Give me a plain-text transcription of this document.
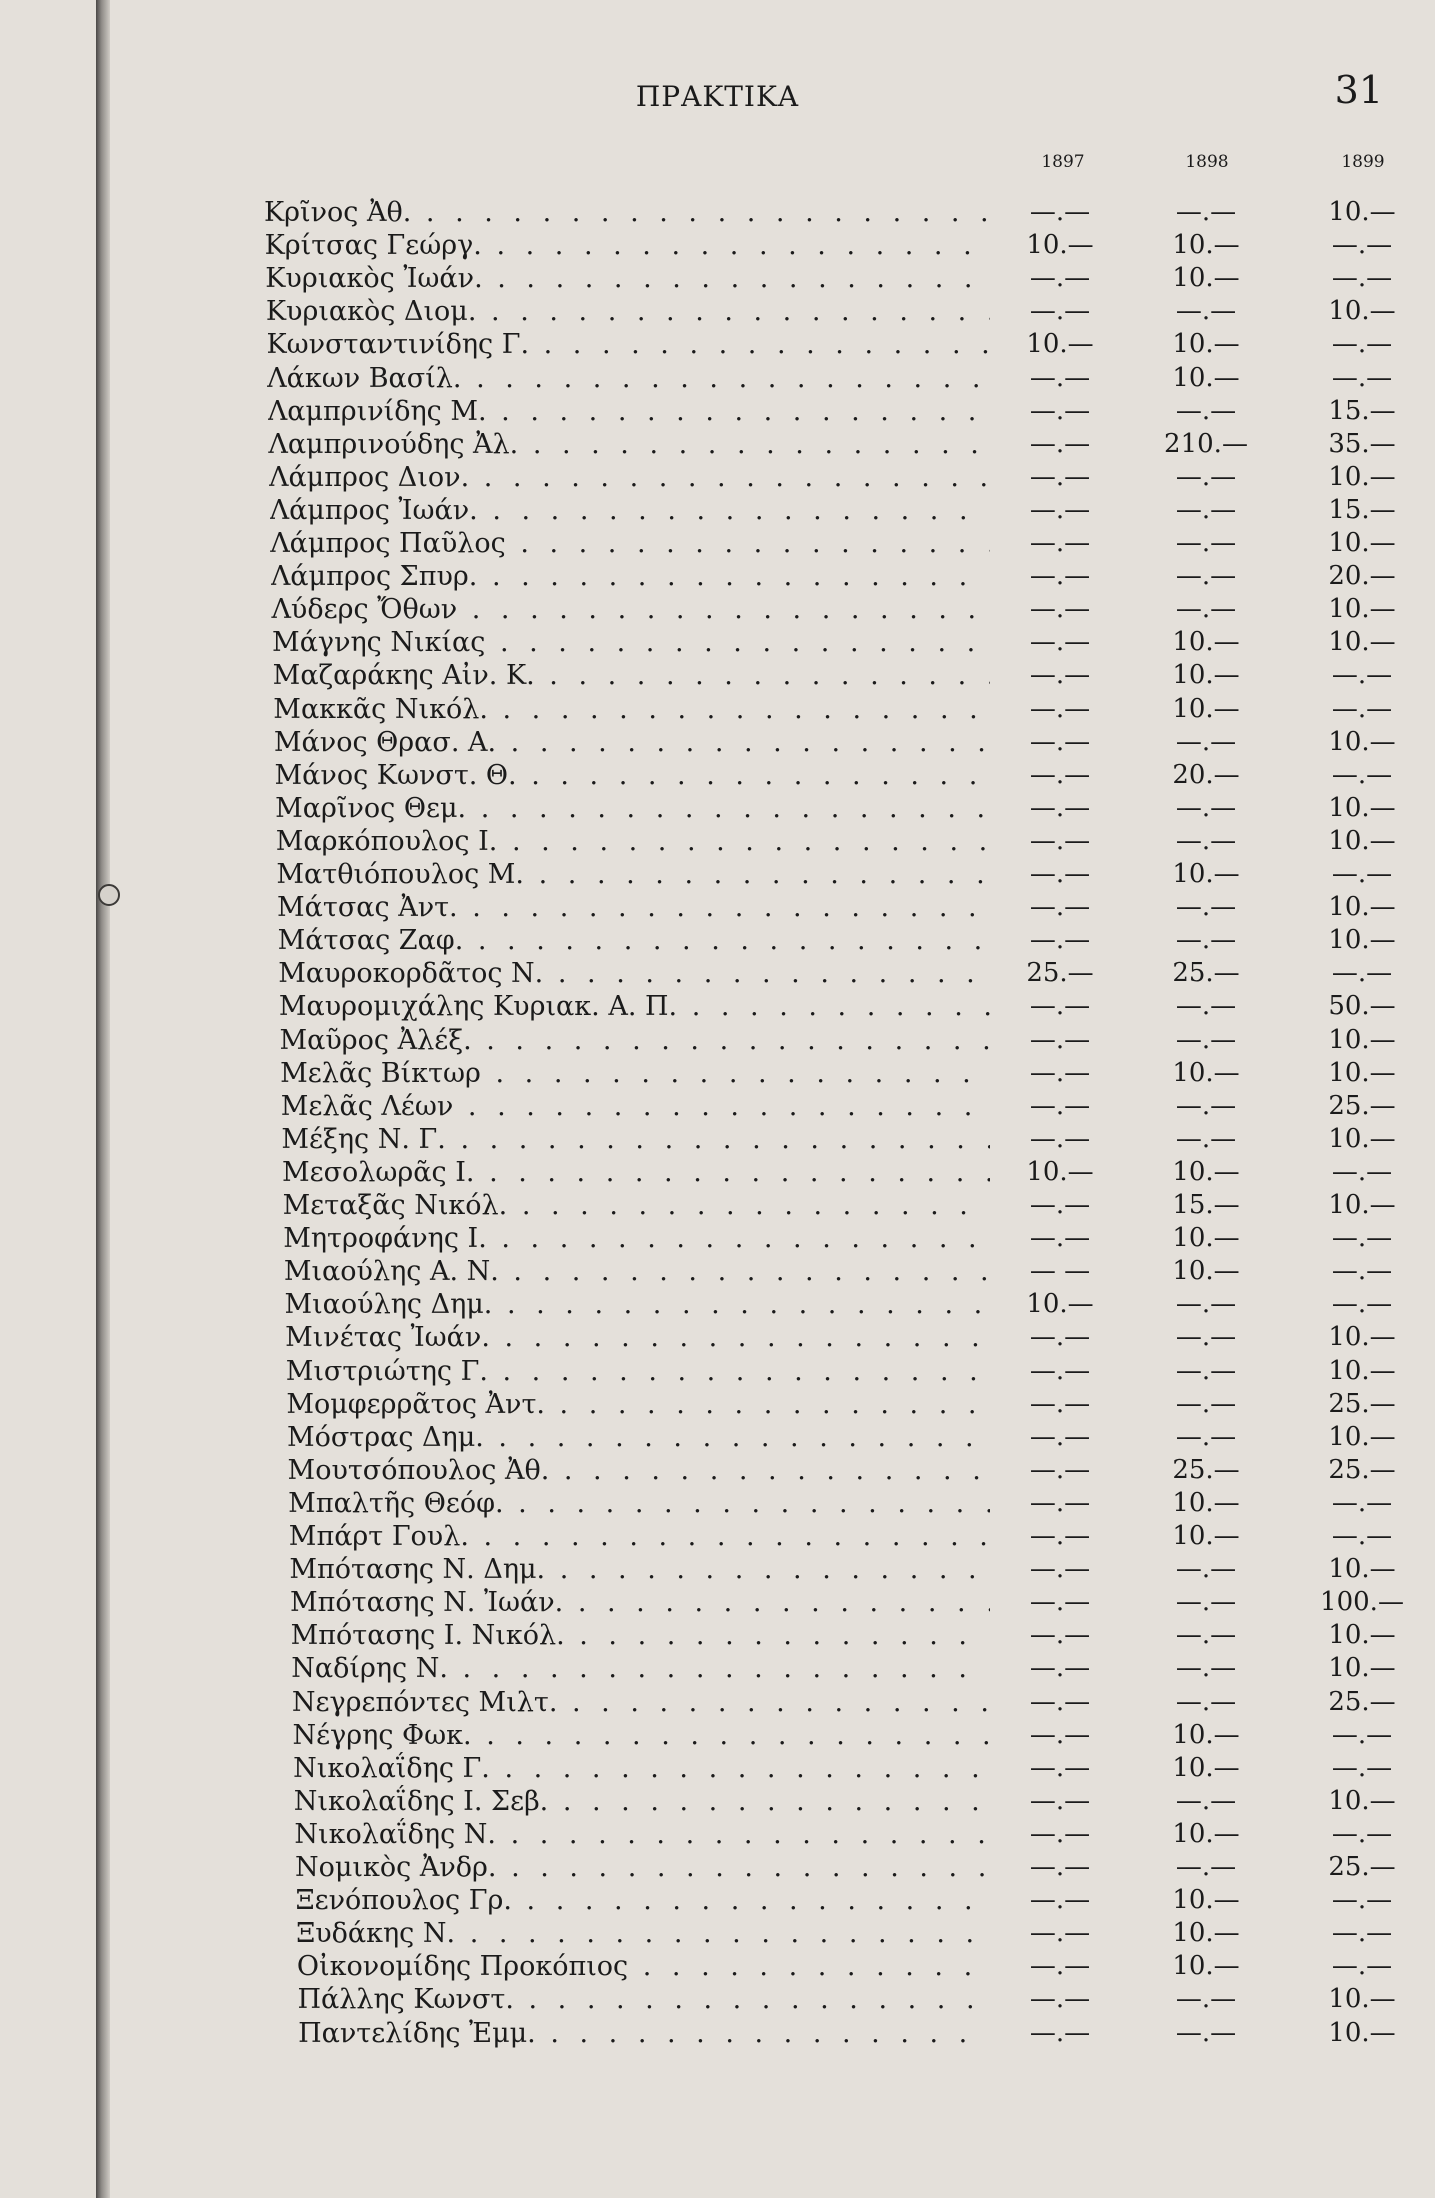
ΠΡΑΚΤΙΚΑ	31
1897	1898	1899
Κρῖνος Ἀθ. . . .	—.—	—.—	10.—
Κρίτσας Γεώργ. . . .	10.—	10.—	—.—
Κυριακὸς Ἰωάν. . . .	—.—	10.—	—.—
Κυριακὸς Διομ. . . .	—.—	—.—	10.—
Κωνσταντινίδης Γ. . . .	10.—	10.—	—.—
Λάκων Βασίλ. . . .	—.—	10.—	—.—
Λαμπρινίδης Μ. . . .	—.—	—.—	15.—
Λαμπρινούδης Ἀλ. . . .	—.—	210.—	35.—
Λάμπρος Διον. . . .	—.—	—.—	10.—
Λάμπρος Ἰωάν. . . .	—.—	—.—	15.—
Λάμπρος Παῦλος . . .	—.—	—.—	10.—
Λάμπρος Σπυρ. . . .	—.—	—.—	20.—
Λύδερς Ὄθων . . .	—.—	—.—	10.—
Μάγνης Νικίας . . .	—.—	10.—	10.—
Μαζαράκης Αἰν. Κ. . . .	—.—	10.—	—.—
Μακκᾶς Νικόλ. . . .	—.—	10.—	—.—
Μάνος Θρασ. Α. . . .	—.—	—.—	10.—
Μάνος Κωνστ. Θ. . . .	—.—	20.—	—.—
Μαρῖνος Θεμ. . . .	—.—	—.—	10.—
Μαρκόπουλος Ι. . . .	—.—	—.—	10.—
Ματθιόπουλος Μ. . . .	—.—	10.—	—.—
Μάτσας Ἀντ. . . .	—.—	—.—	10.—
Μάτσας Ζαφ. . . .	—.—	—.—	10.—
Μαυροκορδᾶτος Ν. . . .	25.—	25.—	—.—
Μαυρομιχάλης Κυριακ. Α. Π. . . .	—.—	—.—	50.—
Μαῦρος Ἀλέξ. . . .	—.—	—.—	10.—
Μελᾶς Βίκτωρ . . .	—.—	10.—	10.—
Μελᾶς Λέων . . .	—.—	—.—	25.—
Μέξης Ν. Γ. . . .	—.—	—.—	10.—
Μεσολωρᾶς Ι. . . .	10.—	10.—	—.—
Μεταξᾶς Νικόλ. . . .	—.—	15.—	10.—
Μητροφάνης Ι. . . .	—.—	10.—	—.—
Μιαούλης Α. Ν. . . .	— —	10.—	—.—
Μιαούλης Δημ. . . .	10.—	—.—	—.—
Μινέτας Ἰωάν. . . .	—.—	—.—	10.—
Μιστριώτης Γ. . . .	—.—	—.—	10.—
Μομφερρᾶτος Ἀντ. . . .	—.—	—.—	25.—
Μόστρας Δημ. . . .	—.—	—.—	10.—
Μουτσόπουλος Ἀθ. . . .	—.—	25.—	25.—
Μπαλτῆς Θεόφ. . . .	—.—	10.—	—.—
Μπάρτ Γουλ. . . .	—.—	10.—	—.—
Μπότασης Ν. Δημ. . . .	—.—	—.—	10.—
Μπότασης Ν. Ἰωάν. . . .	—.—	—.—	100.—
Μπότασης Ι. Νικόλ. . . .	—.—	—.—	10.—
Ναδίρης Ν. . . .	—.—	—.—	10.—
Νεγρεπόντες Μιλτ. . . .	—.—	—.—	25.—
Νέγρης Φωκ. . . .	—.—	10.—	—.—
Νικολαΐδης Γ. . . .	—.—	10.—	—.—
Νικολαΐδης Ι. Σεβ. . . .	—.—	—.—	10.—
Νικολαΐδης Ν. . . .	—.—	10.—	—.—
Νομικὸς Ἀνδρ. . . .	—.—	—.—	25.—
Ξενόπουλος Γρ. . . .	—.—	10.—	—.—
Ξυδάκης Ν. . . .	—.—	10.—	—.—
Οἰκονομίδης Προκόπιος . . .	—.—	10.—	—.—
Πάλλης Κωνστ. . . .	—.—	—.—	10.—
Παντελίδης Ἐμμ. . . .	—.—	—.—	10.—
